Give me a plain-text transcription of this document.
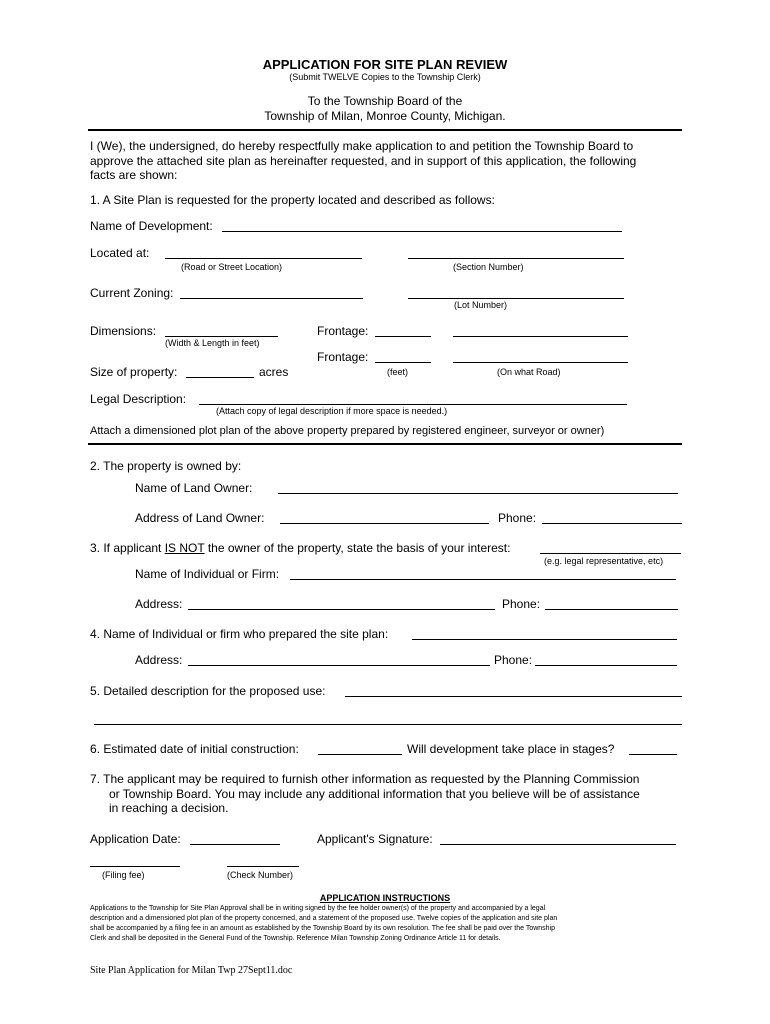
APPLICATION FOR SITE PLAN REVIEW
(Submit TWELVE Copies to the Township Clerk)
To the Township Board of the
Township of Milan, Monroe County, Michigan.
I (We), the undersigned, do hereby respectfully make application to and petition the Township Board to
approve the attached site plan as hereinafter requested, and in support of this application, the following
facts are shown:
1. A Site Plan is requested for the property located and described as follows:
Name of Development:
Located at:
(Road or Street Location)	(Section Number)
Current Zoning:
(Lot Number)
Dimensions:
(Width & Length in feet)
Frontage:
Frontage:
Size of property:	acres	(feet)	(On what Road)
Legal Description:
(Attach copy of legal description if more space is needed.)
Attach a dimensioned plot plan of the above property prepared by registered engineer, surveyor or owner)
2. The property is owned by:
Name of Land Owner:
Address of Land Owner:	Phone:
3. If applicant IS NOT the owner of the property, state the basis of your interest:
(e.g. legal representative, etc)
Name of Individual or Firm:
Address:	Phone:
4. Name of Individual or firm who prepared the site plan:
Address:	Phone:
5. Detailed description for the proposed use:
6. Estimated date of initial construction:	Will development take place in stages?
7. The applicant may be required to furnish other information as requested by the Planning Commission
or Township Board. You may include any additional information that you believe will be of assistance
in reaching a decision.
Application Date:	Applicant's Signature:
(Filing fee)	(Check Number)
APPLICATION INSTRUCTIONS
Applications to the Township for Site Plan Approval shall be in writing signed by the fee holder owner(s) of the property and accompanied by a legal
description and a dimensioned plot plan of the property concerned, and a statement of the proposed use. Twelve copies of the application and site plan
shall be accompanied by a filing fee in an amount as established by the Township Board by its own resolution. The fee shall be paid over the Township
Clerk and shall be deposited in the General Fund of the Township. Reference Milan Township Zoning Ordinance Article 11 for details.
Site Plan Application for Milan Twp 27Sept11.doc
